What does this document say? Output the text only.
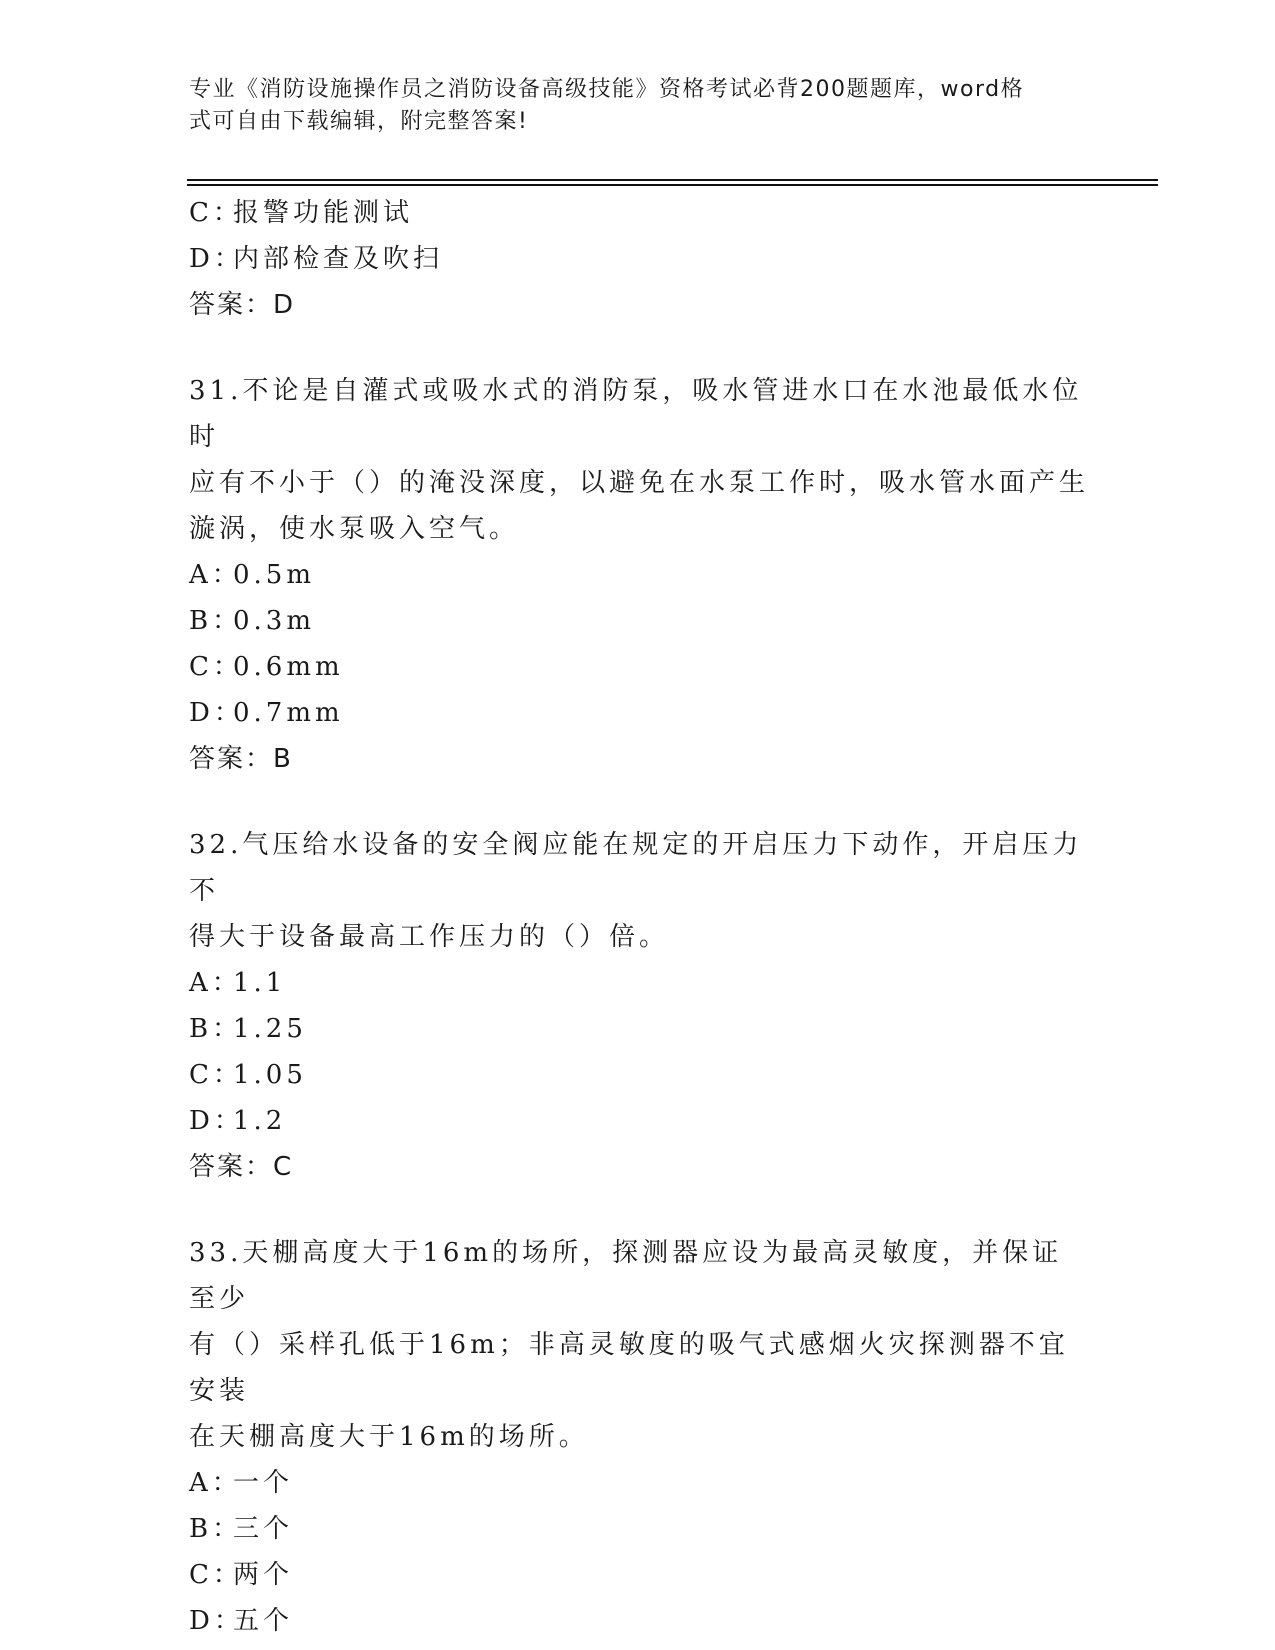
专业《消防设施操作员之消防设备高级技能》资格考试必背200题题库，word格
式可自由下载编辑，附完整答案!
C：报警功能测试
D：内部检查及吹扫
答案：D
31.不论是自灌式或吸水式的消防泵，吸水管进水口在水池最低水位时
应有不小于（）的淹没深度，以避免在水泵工作时，吸水管水面产生
漩涡，使水泵吸入空气。
A：0.5m
B：0.3m
C：0.6mm
D：0.7mm
答案：B
32.气压给水设备的安全阀应能在规定的开启压力下动作，开启压力不
得大于设备最高工作压力的（）倍。
A：1.1
B：1.25
C：1.05
D：1.2
答案：C
33.天棚高度大于16m的场所，探测器应设为最高灵敏度，并保证至少
有（）采样孔低于16m；非高灵敏度的吸气式感烟火灾探测器不宜安装
在天棚高度大于16m的场所。
A：一个
B：三个
C：两个
D：五个
